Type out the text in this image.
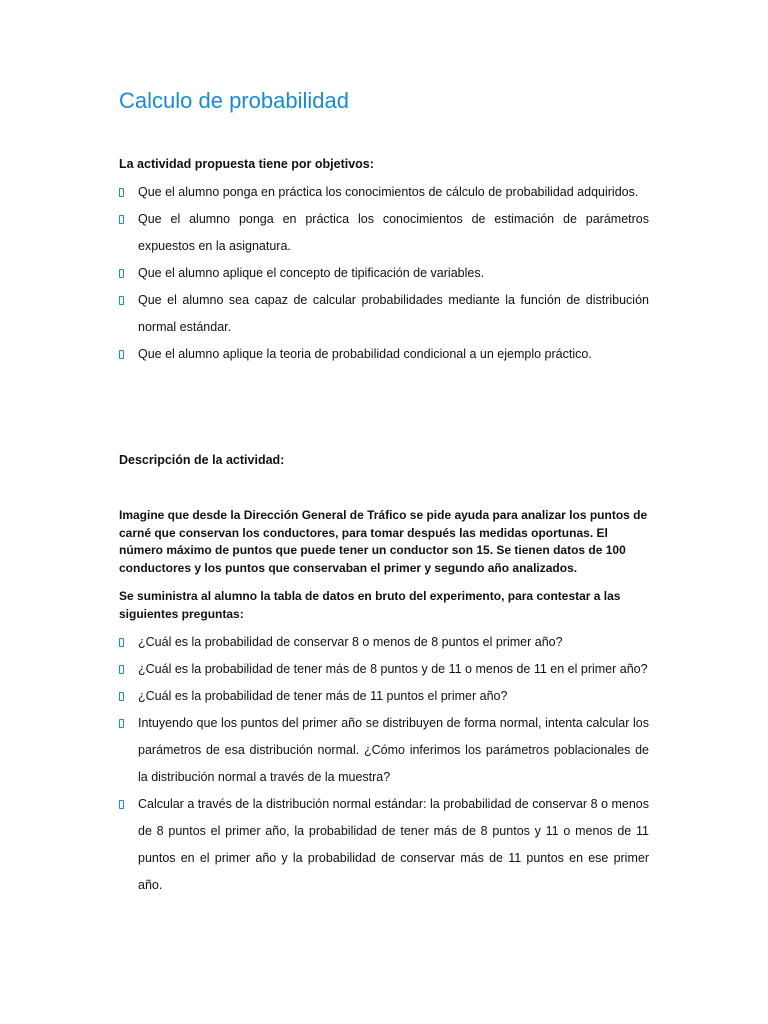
Calculo de probabilidad
La actividad propuesta tiene por objetivos:
Que el alumno ponga en práctica los conocimientos de cálculo de probabilidad adquiridos.
Que el alumno ponga en práctica los conocimientos de estimación de parámetros expuestos en la asignatura.
Que el alumno aplique el concepto de tipificación de variables.
Que el alumno sea capaz de calcular probabilidades mediante la función de distribución normal estándar.
Que el alumno aplique la teoria de probabilidad condicional a un ejemplo práctico.
Descripción de la actividad:

Imagine que desde la Dirección General de Tráfico se pide ayuda para analizar los puntos de carné que conservan los conductores, para tomar después las medidas oportunas. El número máximo de puntos que puede tener un conductor son 15. Se tienen datos de 100 conductores y los puntos que conservaban el primer y segundo año analizados.

Se suministra al alumno la tabla de datos en bruto del experimento, para contestar a las siguientes preguntas:

¿Cuál es la probabilidad de conservar 8 o menos de 8 puntos el primer año?
¿Cuál es la probabilidad de tener más de 8 puntos y de 11 o menos de 11 en el primer año?
¿Cuál es la probabilidad de tener más de 11 puntos el primer año?
Intuyendo que los puntos del primer año se distribuyen de forma normal, intenta calcular los parámetros de esa distribución normal. ¿Cómo inferimos los parámetros poblacionales de la distribución normal a través de la muestra?
Calcular a través de la distribución normal estándar: la probabilidad de conservar 8 o menos de 8 puntos el primer año, la probabilidad de tener más de 8 puntos y 11 o menos de 11 puntos en el primer año y la probabilidad de conservar más de 11 puntos en ese primer año.
